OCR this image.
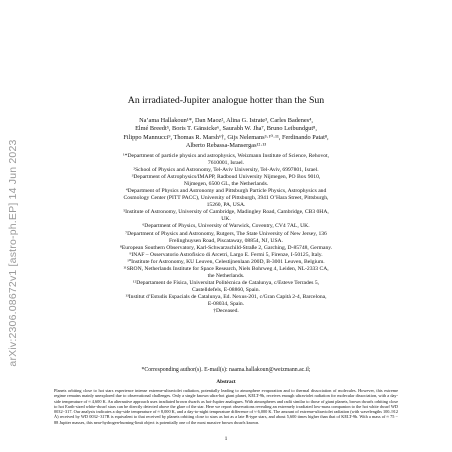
arXiv:2306.08672v1 [astro-ph.EP] 14 Jun 2023
An irradiated-Jupiter analogue hotter than the Sun
Na’ama Hallakoun¹*, Dan Maoz², Alina G. Istrate³, Carles Badenes⁴,
Elmé Breedt⁵, Boris T. Gänsicke⁶, Saurabh W. Jha⁷, Bruno Leibundgut⁸,
Filippo Mannucci⁹, Thomas R. Marsh⁶†, Gijs Nelemans³·¹⁰·¹¹, Ferdinando Patat⁸,
Alberto Rebassa-Mansergas¹²·¹³
¹*Department of particle physics and astrophysics, Weizmann Institute of Science, Rehovot,
7610001, Israel.
²School of Physics and Astronomy, Tel-Aviv University, Tel-Aviv, 6997801, Israel.
³Department of Astrophysics/IMAPP, Radboud University Nijmegen, PO Box 9010,
Nijmegen, 6500 GL, the Netherlands.
⁴Department of Physics and Astronomy and Pittsburgh Particle Physics, Astrophysics and
Cosmology Center (PITT PACC), University of Pittsburgh, 3941 O’Hara Street, Pittsburgh,
15260, PA, USA.
⁵Institute of Astronomy, University of Cambridge, Madingley Road, Cambridge, CB3 0HA,
UK.
⁶Department of Physics, University of Warwick, Coventry, CV4 7AL, UK.
⁷Department of Physics and Astronomy, Rutgers, The State University of New Jersey, 136
Frelinghuysen Road, Piscataway, 08854, NJ, USA.
⁸European Southern Observatory, Karl-Schwarzschild-Straße 2, Garching, D-85748, Germany.
⁹INAF – Osservatorio Astrofisico di Arcetri, Largo E. Fermi 5, Firenze, I-50125, Italy.
¹⁰Institute for Astronomy, KU Leuven, Celestijnenlaan 200D, B-3001 Leuven, Belgium.
¹¹SRON, Netherlands Institute for Space Research, Niels Bohrweg 4, Leiden, NL-2333 CA,
the Netherlands.
¹²Departament de Física, Universitat Politècnica de Catalunya, c/Esteve Terrades 5,
Castelldefels, E-08860, Spain.
¹³Institut d’Estudis Espacials de Catalunya, Ed. Nexus-201, c/Gran Capità 2-4, Barcelona,
E-08034, Spain.
†Deceased.
*Corresponding author(s). E-mail(s): naama.hallakoun@weizmann.ac.il;
Abstract
Planets orbiting close to hot stars experience intense extreme-ultraviolet radiation, potentially leading to atmosphere evaporation and to thermal dissociation of molecules. However, this extreme regime remains mainly unexplored due to observational challenges. Only a single known ultra-hot giant planet, KELT-9b, receives enough ultraviolet radiation for molecular dissociation, with a day-side temperature of ≈ 4,600 K. An alternative approach uses irradiated brown dwarfs as hot-Jupiter analogues. With atmospheres and radii similar to those of giant planets, brown dwarfs orbiting close to hot Earth-sized white-dwarf stars can be directly detected above the glare of the star. Here we report observations revealing an extremely irradiated low-mass companion to the hot white dwarf WD 0032−317. Our analysis indicates a day-side temperature of ≈ 8,000 K, and a day-to-night temperature difference of ≈ 6,000 K. The amount of extreme-ultraviolet radiation (with wavelengths 100–912 Å) received by WD 0032−317B is equivalent to that received by planets orbiting close to stars as hot as a late B-type stars, and about 5,600 times higher than that of KELT-9b. With a mass of ≈ 75 − 88 Jupiter masses, this near-hydrogen-burning-limit object is potentially one of the most massive brown dwarfs known.
1
